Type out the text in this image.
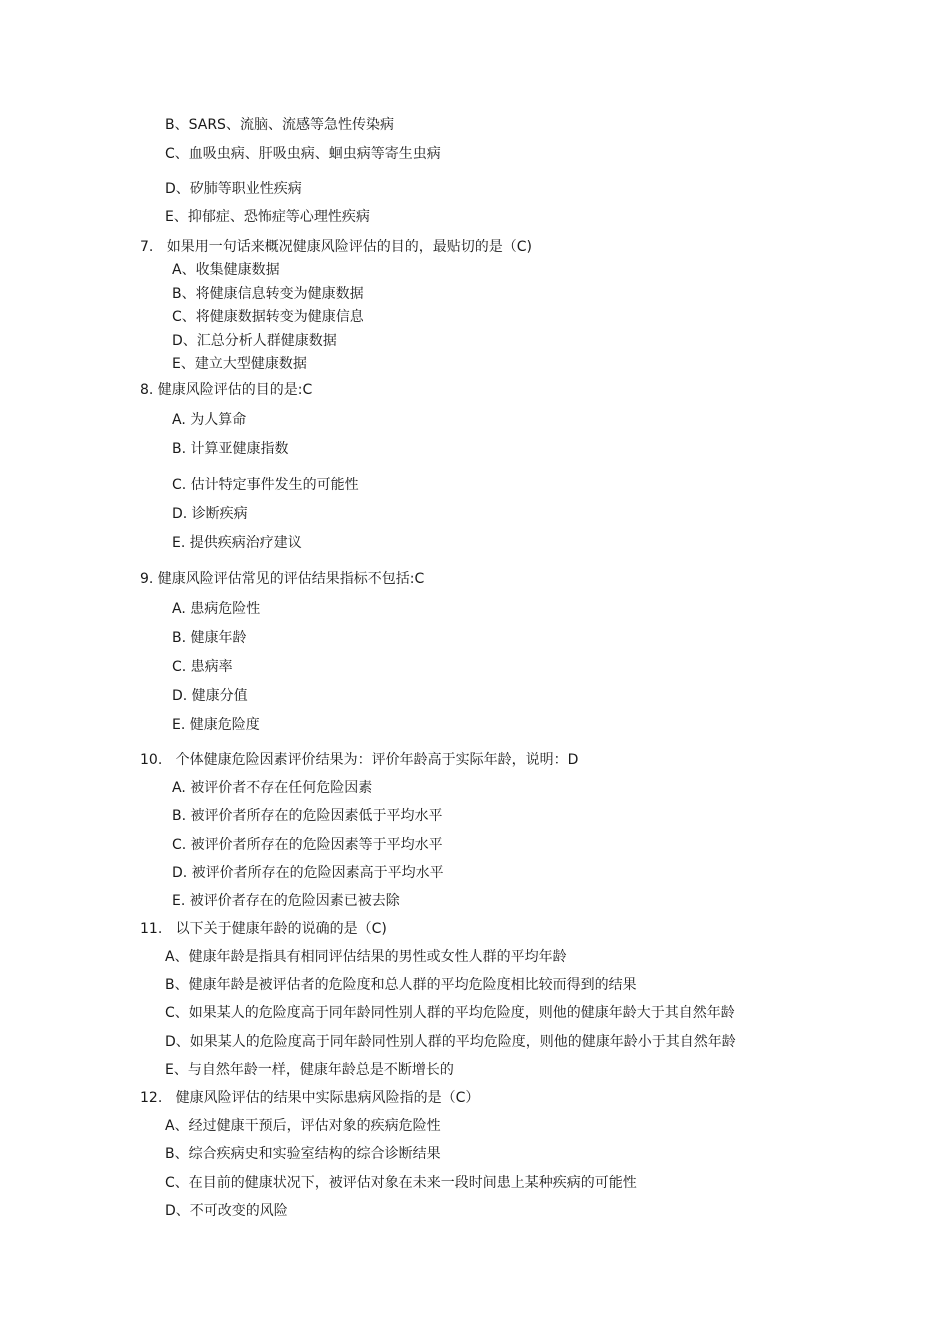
B、SARS、流脑、流感等急性传染病
C、血吸虫病、肝吸虫病、蛔虫病等寄生虫病
D、矽肺等职业性疾病
E、抑郁症、恐怖症等心理性疾病
7.   如果用一句话来概况健康风险评估的目的，最贴切的是（C)
A、收集健康数据
B、将健康信息转变为健康数据
C、将健康数据转变为健康信息
D、汇总分析人群健康数据
E、建立大型健康数据
8. 健康风险评估的目的是:C
A. 为人算命
B. 计算亚健康指数
C. 估计特定事件发生的可能性
D. 诊断疾病
E. 提供疾病治疗建议
9. 健康风险评估常见的评估结果指标不包括:C
A. 患病危险性
B. 健康年龄
C. 患病率
D. 健康分值
E. 健康危险度
10.   个体健康危险因素评价结果为：评价年龄高于实际年龄，说明：D
A. 被评价者不存在任何危险因素
B. 被评价者所存在的危险因素低于平均水平
C. 被评价者所存在的危险因素等于平均水平
D. 被评价者所存在的危险因素高于平均水平
E. 被评价者存在的危险因素已被去除
11.   以下关于健康年龄的说确的是（C)
A、健康年龄是指具有相同评估结果的男性或女性人群的平均年龄
B、健康年龄是被评估者的危险度和总人群的平均危险度相比较而得到的结果
C、如果某人的危险度高于同年龄同性别人群的平均危险度，则他的健康年龄大于其自然年龄
D、如果某人的危险度高于同年龄同性别人群的平均危险度，则他的健康年龄小于其自然年龄
E、与自然年龄一样，健康年龄总是不断增长的
12.   健康风险评估的结果中实际患病风险指的是（C）
A、经过健康干预后，评估对象的疾病危险性
B、综合疾病史和实验室结构的综合诊断结果
C、在目前的健康状况下，被评估对象在未来一段时间患上某种疾病的可能性
D、不可改变的风险
